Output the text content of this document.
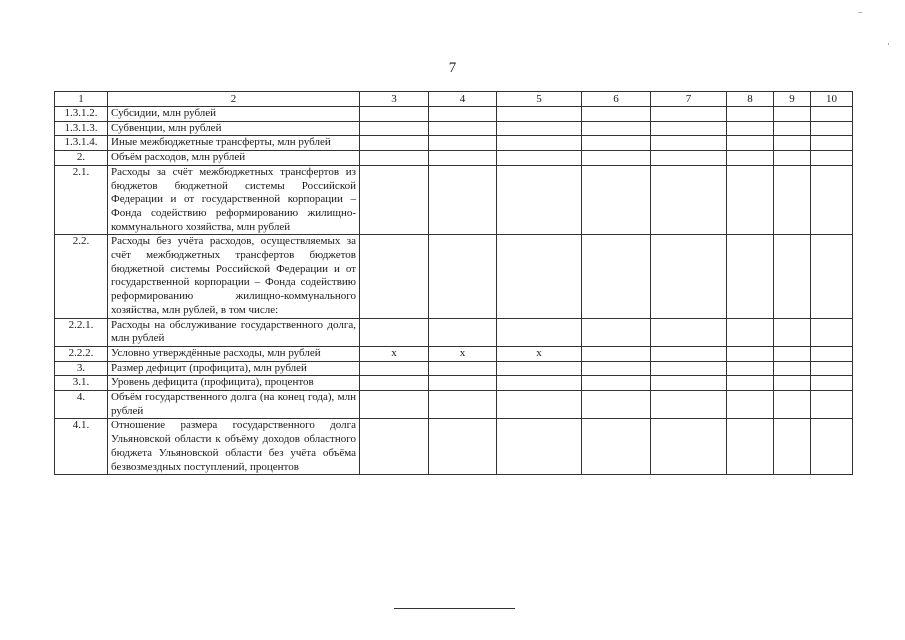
7
1	2	3	4	5	6	7	8	9	10
1.3.1.2.	Субсидии, млн рублей								
1.3.1.3.	Субвенции, млн рублей								
1.3.1.4.	Иные межбюджетные трансферты, млн рублей								
2.	Объём расходов, млн рублей								
2.1.	Расходы за счёт межбюджетных трансфертов из бюджетов бюджетной системы Российской Федерации и от государственной корпорации – Фонда содействию реформированию жилищно-коммунального хозяйства, млн рублей								
2.2.	Расходы без учёта расходов, осуществляемых за счёт межбюджетных трансфертов бюджетов бюджетной системы Российской Федерации и от государственной корпорации – Фонда содействию реформированию жилищно-коммунального хозяйства, млн рублей, в том числе:								
2.2.1.	Расходы на обслуживание государственного долга, млн рублей								
2.2.2.	Условно утверждённые расходы, млн рублей	x	x	x					
3.	Размер дефицит (профицита), млн рублей								
3.1.	Уровень дефицита (профицита), процентов								
4.	Объём государственного долга (на конец года), млн рублей								
4.1.	Отношение размера государственного долга Ульяновской области к объёму доходов областного бюджета Ульяновской области без учёта объёма безвозмездных поступлений, процентов								
⁻
·
